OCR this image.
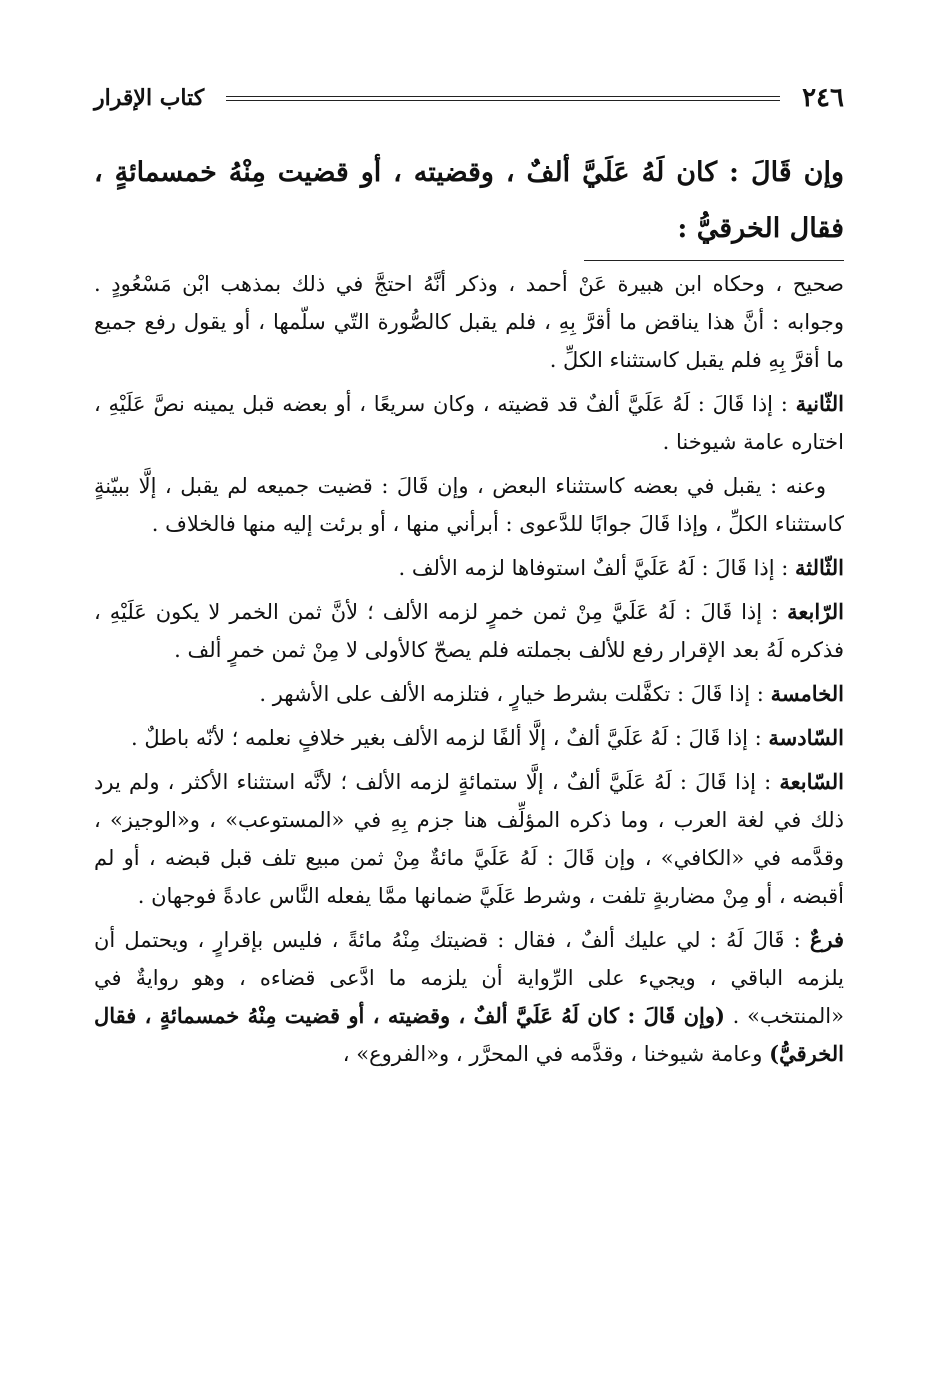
٢٤٦
كتاب الإقرار
وإن قَالَ : كان لَهُ عَلَيَّ ألفٌ ، وقضيته ، أو قضيت مِنْهُ خمسمائةٍ ، فقال الخرقيُّ :

صحيح ، وحكاه ابن هبيرة عَنْ أحمد ، وذكر أنَّهُ احتجَّ في ذلك بمذهب ابْن مَسْعُودٍ . وجوابه : أنَّ هذا يناقض ما أقرَّ بِهِ ، فلم يقبل كالصُّورة التّي سلّمها ، أو يقول رفع جميع ما أقرَّ بِهِ فلم يقبل كاستثناء الكلِّ .

الثّانية : إذا قَالَ : لَهُ عَلَيَّ ألفٌ قد قضيته ، وكان سريعًا ، أو بعضه قبل يمينه نصَّ عَلَيْهِ ، اختاره عامة شيوخنا .

وعنه : يقبل في بعضه كاستثناء البعض ، وإن قَالَ : قضيت جميعه لم يقبل ، إلَّا ببيّنةٍ كاستثناء الكلِّ ، وإذا قَالَ جوابًا للدَّعوى : أبرأني منها ، أو برئت إليه منها فالخلاف .

الثّالثة : إذا قَالَ : لَهُ عَلَيَّ ألفٌ استوفاها لزمه الألف .

الرّابعة : إذا قَالَ : لَهُ عَلَيَّ مِنْ ثمن خمرٍ لزمه الألف ؛ لأنَّ ثمن الخمر لا يكون عَلَيْهِ ، فذكره لَهُ بعد الإقرار رفع للألف بجملته فلم يصحّ كالأولى لا مِنْ ثمن خمرٍ ألف .

الخامسة : إذا قَالَ : تكفَّلت بشرط خيارٍ ، فتلزمه الألف على الأشهر .

السّادسة : إذا قَالَ : لَهُ عَلَيَّ ألفٌ ، إلَّا ألفًا لزمه الألف بغير خلافٍ نعلمه ؛ لأنّه باطلٌ .

السّابعة : إذا قَالَ : لَهُ عَلَيَّ ألفٌ ، إلَّا ستمائةٍ لزمه الألف ؛ لأنَّه استثناء الأكثر ، ولم يرد ذلك في لغة العرب ، وما ذكره المؤلِّف هنا جزم بِهِ في «المستوعب» ، و«الوجيز» ، وقدَّمه في «الكافي» ، وإن قَالَ : لَهُ عَلَيَّ مائةٌ مِنْ ثمن مبيع تلف قبل قبضه ، أو لم أقبضه ، أو مِنْ مضاربةٍ تلفت ، وشرط عَلَيَّ ضمانها ممَّا يفعله النَّاس عادةً فوجهان .

فرعٌ : قَالَ لَهُ : لي عليك ألفٌ ، فقال : قضيتك مِنْهُ مائةً ، فليس بإقرارٍ ، ويحتمل أن يلزمه الباقي ، ويجيء على الرِّواية أن يلزمه ما ادَّعى قضاءه ، وهو روايةٌ في «المنتخب» . (وإن قَالَ : كان لَهُ عَلَيَّ ألفٌ ، وقضيته ، أو قضيت مِنْهُ خمسمائةٍ ، فقال الخرقيُّ) وعامة شيوخنا ، وقدَّمه في المحرَّر ، و«الفروع» ،
